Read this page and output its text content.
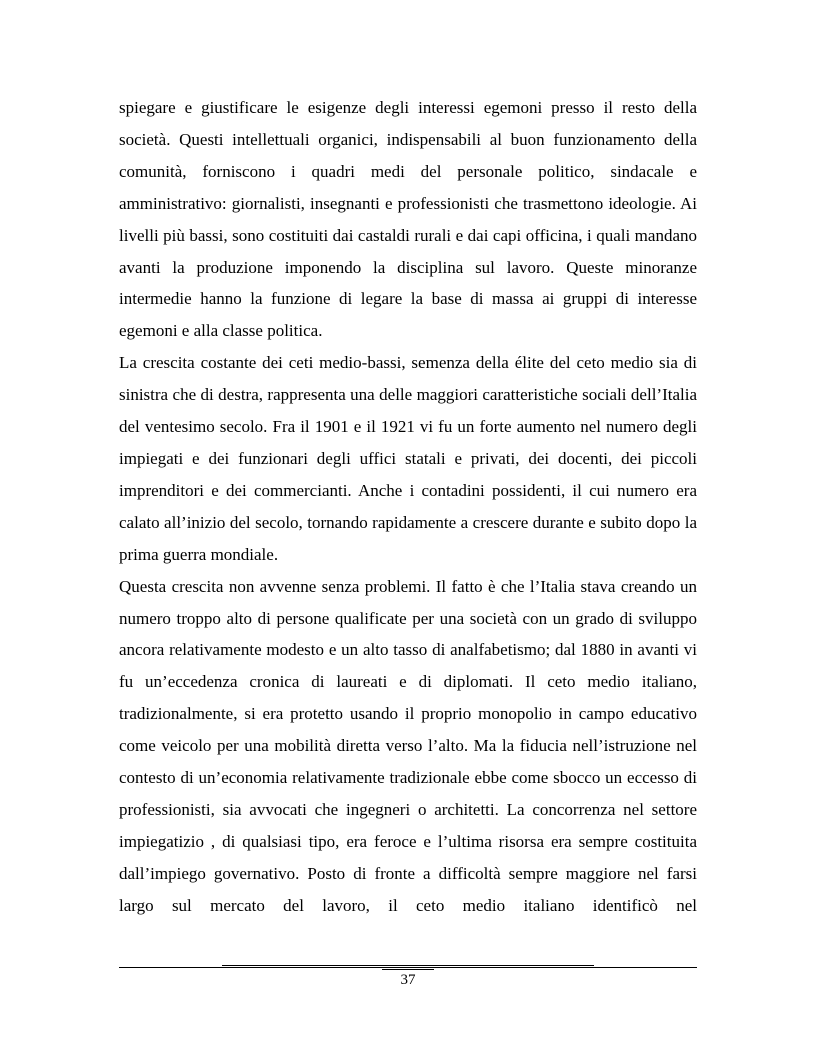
spiegare e giustificare le esigenze degli interessi egemoni presso il resto della società. Questi intellettuali organici, indispensabili al buon funzionamento della comunità, forniscono i quadri medi del personale politico, sindacale e amministrativo: giornalisti, insegnanti e professionisti che trasmettono ideologie. Ai livelli più bassi, sono costituiti dai castaldi rurali e dai capi officina, i quali mandano avanti la produzione imponendo la disciplina sul lavoro. Queste minoranze intermedie hanno la funzione di legare la base di massa ai gruppi di interesse egemoni e alla classe politica.

La crescita costante dei ceti medio-bassi, semenza della élite del ceto medio sia di sinistra che di destra, rappresenta una delle maggiori caratteristiche sociali dell’Italia del ventesimo secolo. Fra il 1901 e il 1921 vi fu un forte aumento nel numero degli impiegati e dei funzionari degli uffici statali e privati, dei docenti, dei piccoli imprenditori e dei commercianti. Anche i contadini possidenti, il cui numero era calato all’inizio del secolo, tornando rapidamente a crescere durante e subito dopo la prima guerra mondiale.

Questa crescita non avvenne senza problemi. Il fatto è che l’Italia stava creando un numero troppo alto di persone qualificate per una società con un grado di sviluppo ancora relativamente modesto e un alto tasso di analfabetismo; dal 1880 in avanti vi fu un’eccedenza cronica di laureati e di diplomati. Il ceto medio italiano, tradizionalmente, si era protetto usando il proprio monopolio in campo educativo come veicolo per una mobilità diretta verso l’alto. Ma la fiducia nell’istruzione nel contesto di un’economia relativamente tradizionale ebbe come sbocco un eccesso di professionisti, sia avvocati che ingegneri o architetti. La concorrenza nel settore impiegatizio , di qualsiasi tipo, era feroce e l’ultima risorsa era sempre costituita dall’impiego governativo. Posto di fronte a difficoltà sempre maggiore nel farsi largo sul mercato del lavoro, il ceto medio italiano identificò nel

37
